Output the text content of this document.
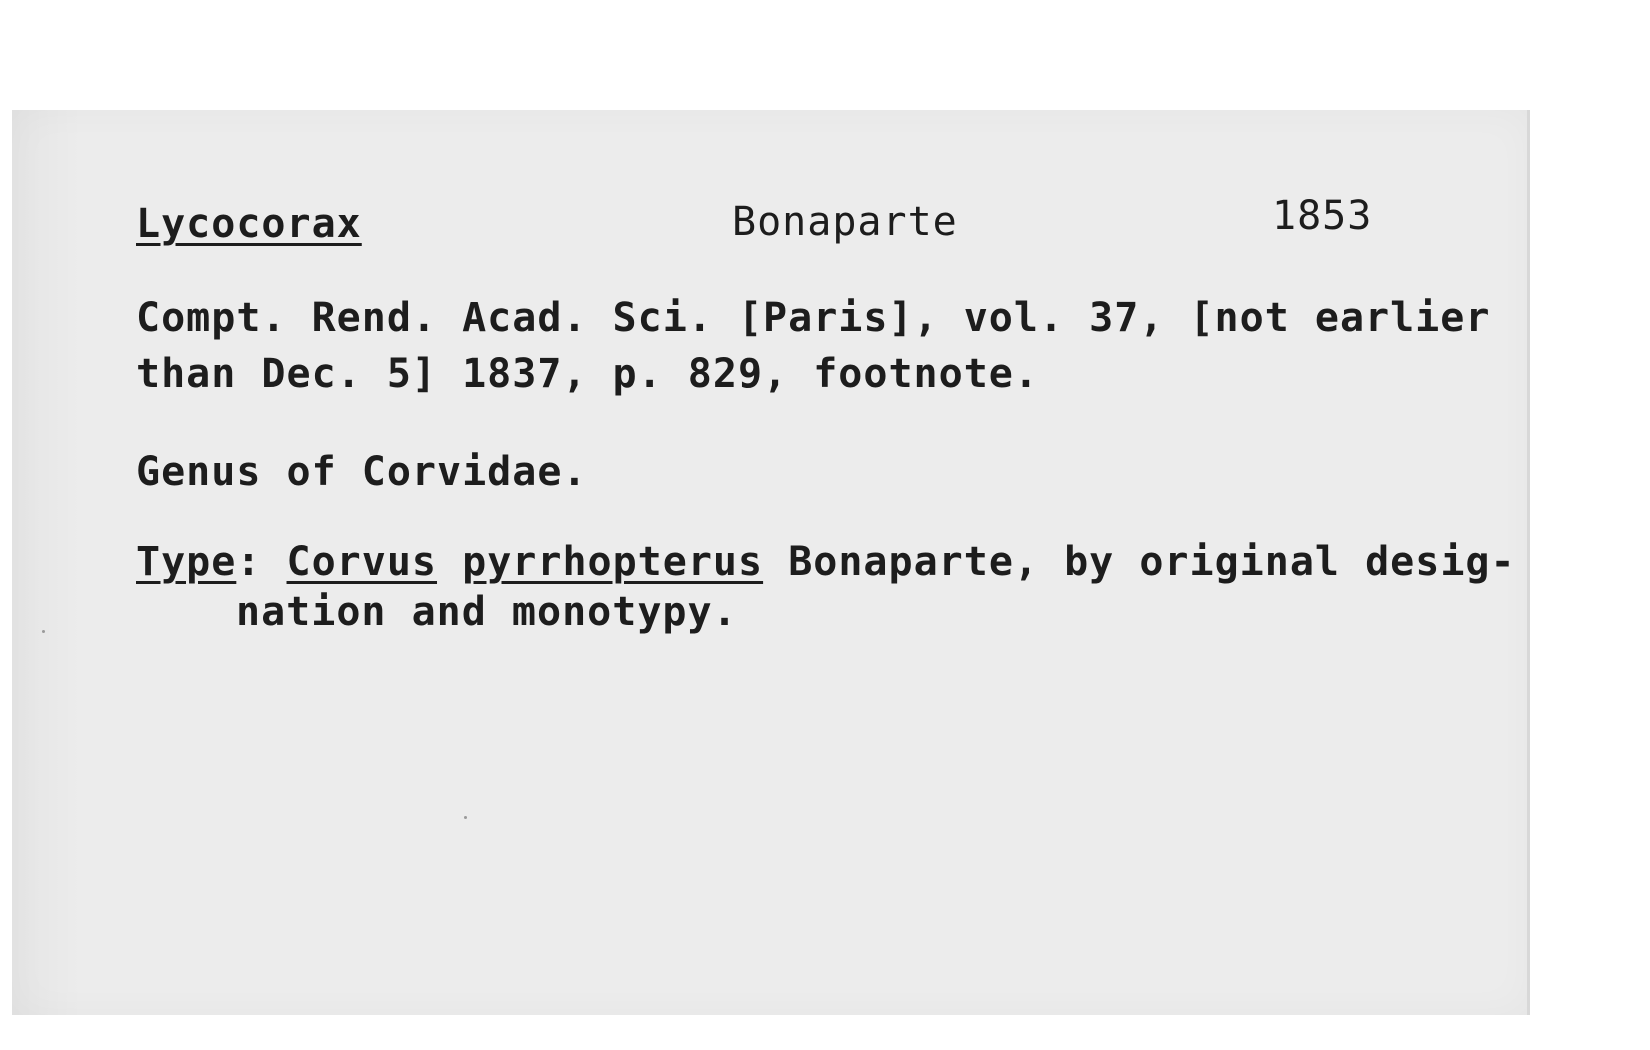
Lycocorax	Bonaparte	1853
Compt. Rend. Acad. Sci. [Paris], vol. 37, [not earlier
than Dec. 5] 1837, p. 829, footnote.
Genus of Corvidae.
Type: Corvus pyrrhopterus Bonaparte, by original desig-
nation and monotypy.
